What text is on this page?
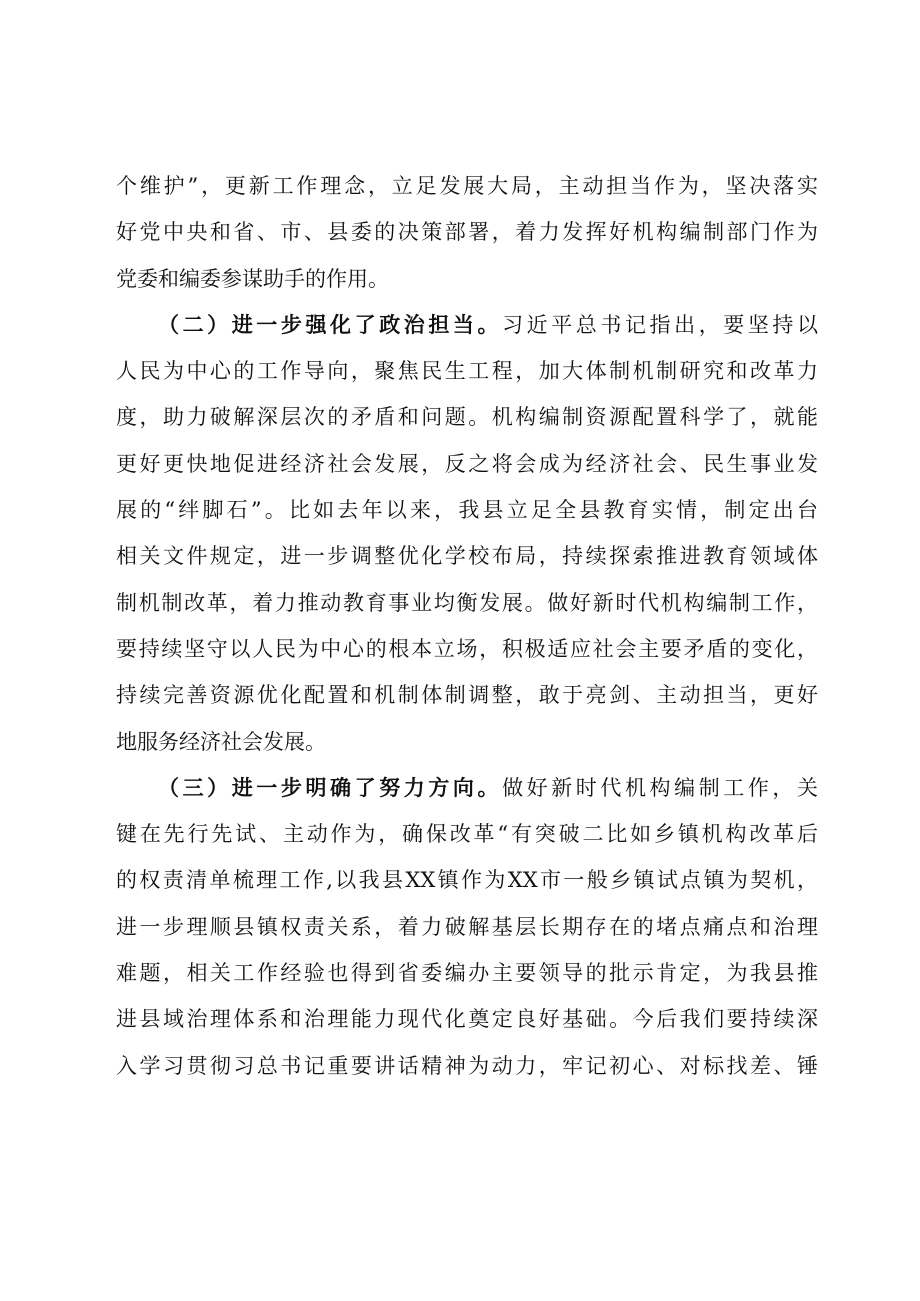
个维护”，更新工作理念，立足发展大局，主动担当作为，坚决落实
好党中央和省、市、县委的决策部署，着力发挥好机构编制部门作为
党委和编委参谋助手的作用。
（二）进一步强化了政治担当。习近平总书记指出，要坚持以
人民为中心的工作导向，聚焦民生工程，加大体制机制研究和改革力
度，助力破解深层次的矛盾和问题。机构编制资源配置科学了，就能
更好更快地促进经济社会发展，反之将会成为经济社会、民生事业发
展的“绊脚石”。比如去年以来，我县立足全县教育实情，制定出台
相关文件规定，进一步调整优化学校布局，持续探索推进教育领域体
制机制改革，着力推动教育事业均衡发展。做好新时代机构编制工作，
要持续坚守以人民为中心的根本立场，积极适应社会主要矛盾的变化，
持续完善资源优化配置和机制体制调整，敢于亮剑、主动担当，更好
地服务经济社会发展。
（三）进一步明确了努力方向。做好新时代机构编制工作，关
键在先行先试、主动作为，确保改革“有突破二比如乡镇机构改革后
的权责清单梳理工作,以我县XX镇作为XX市一般乡镇试点镇为契机，
进一步理顺县镇权责关系，着力破解基层长期存在的堵点痛点和治理
难题，相关工作经验也得到省委编办主要领导的批示肯定，为我县推
进县域治理体系和治理能力现代化奠定良好基础。今后我们要持续深
入学习贯彻习总书记重要讲话精神为动力，牢记初心、对标找差、锤
